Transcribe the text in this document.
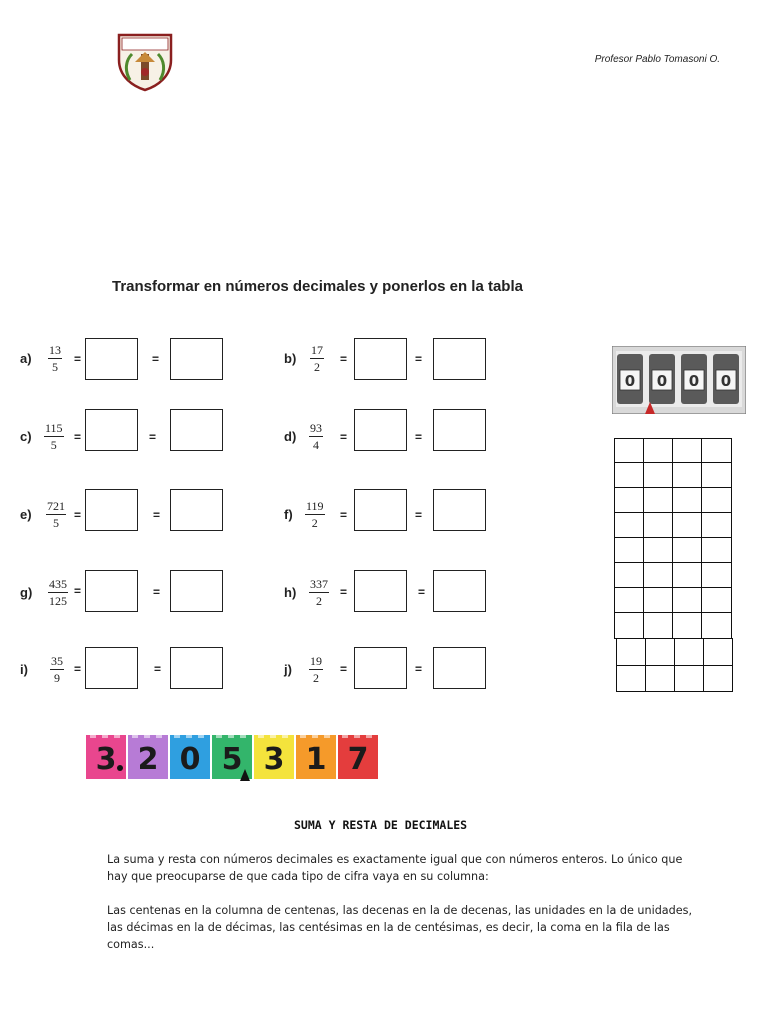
Profesor Pablo Tomasoni O.
Transformar en números decimales y ponerlos en la tabla
a)	$\frac{13}{5}$ =	=	b)	$\frac{17}{2}$ =	=
c)	$\frac{115}{5}$ =	=	d)	$\frac{93}{4}$ =	=
e)	$\frac{721}{5}$ =	=	f)	$\frac{119}{2}$ =	=
g)	$\frac{435}{125}$ =	=	h)	$\frac{337}{2}$ =	=
i)	$\frac{35}{9}$ =	=	j)	$\frac{19}{2}$ =	=
0 0 0 0
3 2 0 5 3 1 7
SUMA Y RESTA DE DECIMALES
La suma y resta con números decimales es exactamente igual que con números enteros. Lo único que hay que preocuparse de que cada tipo de cifra vaya en su columna:
Las centenas en la columna de centenas, las decenas en la de decenas, las unidades en la de unidades, las décimas en la de décimas, las centésimas en la de centésimas, es decir, la coma en la fila de las comas...
